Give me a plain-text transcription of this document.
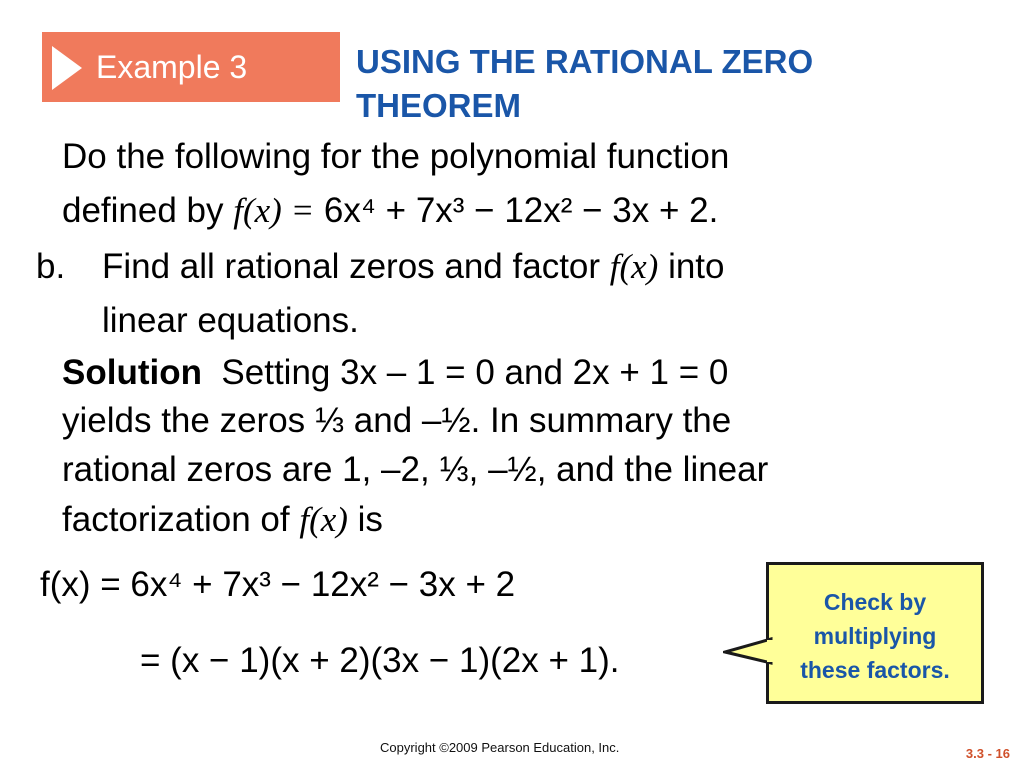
Example 3	USING THE RATIONAL ZERO THEOREM
Do the following for the polynomial function
defined by f(x) = 6x⁴ + 7x³ − 12x² − 3x + 2.
b. Find all rational zeros and factor f(x) into
linear equations.
Solution Setting 3x – 1 = 0 and 2x + 1 = 0
yields the zeros ⅓ and –½. In summary the
rational zeros are 1, –2, ⅓, –½, and the linear
factorization of f(x) is
f(x) = 6x⁴ + 7x³ − 12x² − 3x + 2
= (x − 1)(x + 2)(3x − 1)(2x + 1).
Check by
multiplying
these factors.
Copyright ©2009 Pearson Education, Inc.	3.3 - 16
